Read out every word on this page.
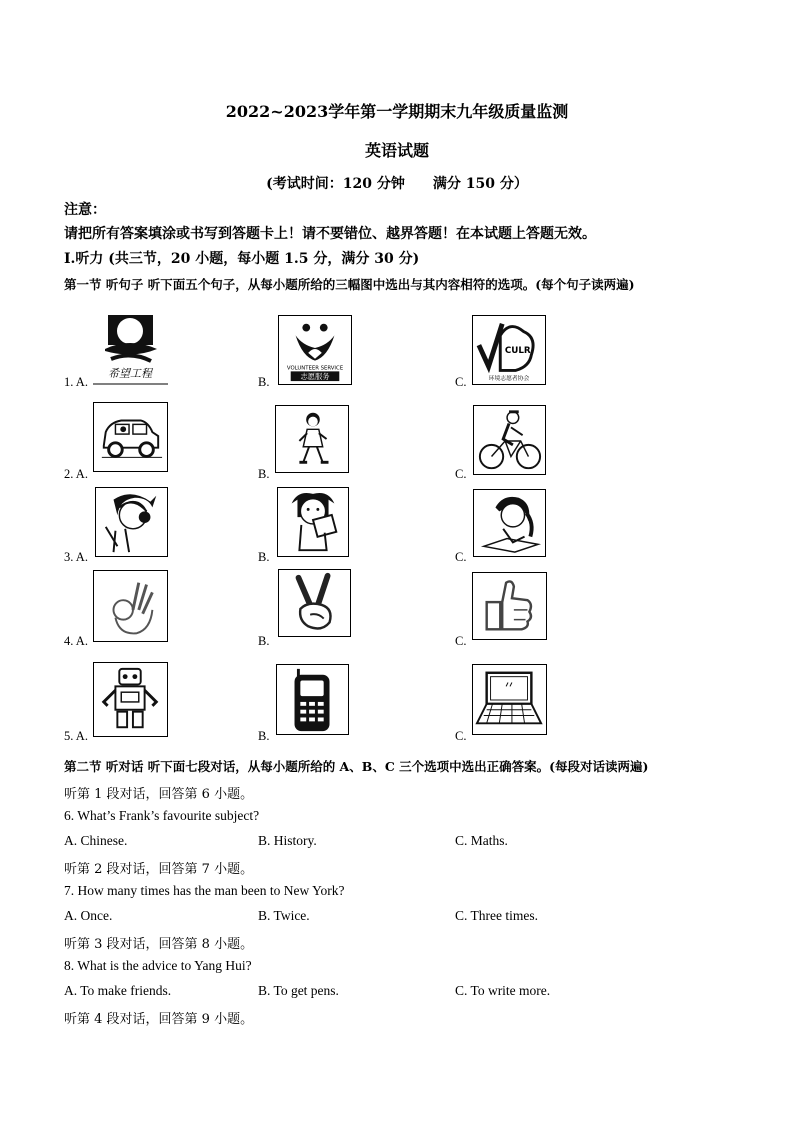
2022~2023学年第一学期期末九年级质量监测
英语试题
(考试时间：120 分钟　　满分 150 分）
注意：
请把所有答案填涂或书写到答题卡上！请不要错位、越界答题！在本试题上答题无效。
Ⅰ.听力 (共三节，20 小题，每小题 1.5 分，满分 30 分)
第一节 听句子 听下面五个句子，从每小题所给的三幅图中选出与其内容相符的选项。(每个句子读两遍)
1. A.	B.	C.
希望工程	VOLUNTEER SERVICE
志愿服务
CULR
环境志愿者协会
2. A.	B.	C.
3. A.	B.	C.
4. A.	B.	C.
5. A.	B.	C.
第二节 听对话 听下面七段对话，从每小题所给的 A、B、C 三个选项中选出正确答案。(每段对话读两遍)
听第 1 段对话，回答第 6 小题。
6. What’s Frank’s favourite subject?
A. Chinese.	B. History.	C. Maths.
听第 2 段对话，回答第 7 小题。
7. How many times has the man been to New York?
A. Once.	B. Twice.	C. Three times.
听第 3 段对话，回答第 8 小题。
8. What is the advice to Yang Hui?
A. To make friends.	B. To get pens.	C. To write more.
听第 4 段对话，回答第 9 小题。
